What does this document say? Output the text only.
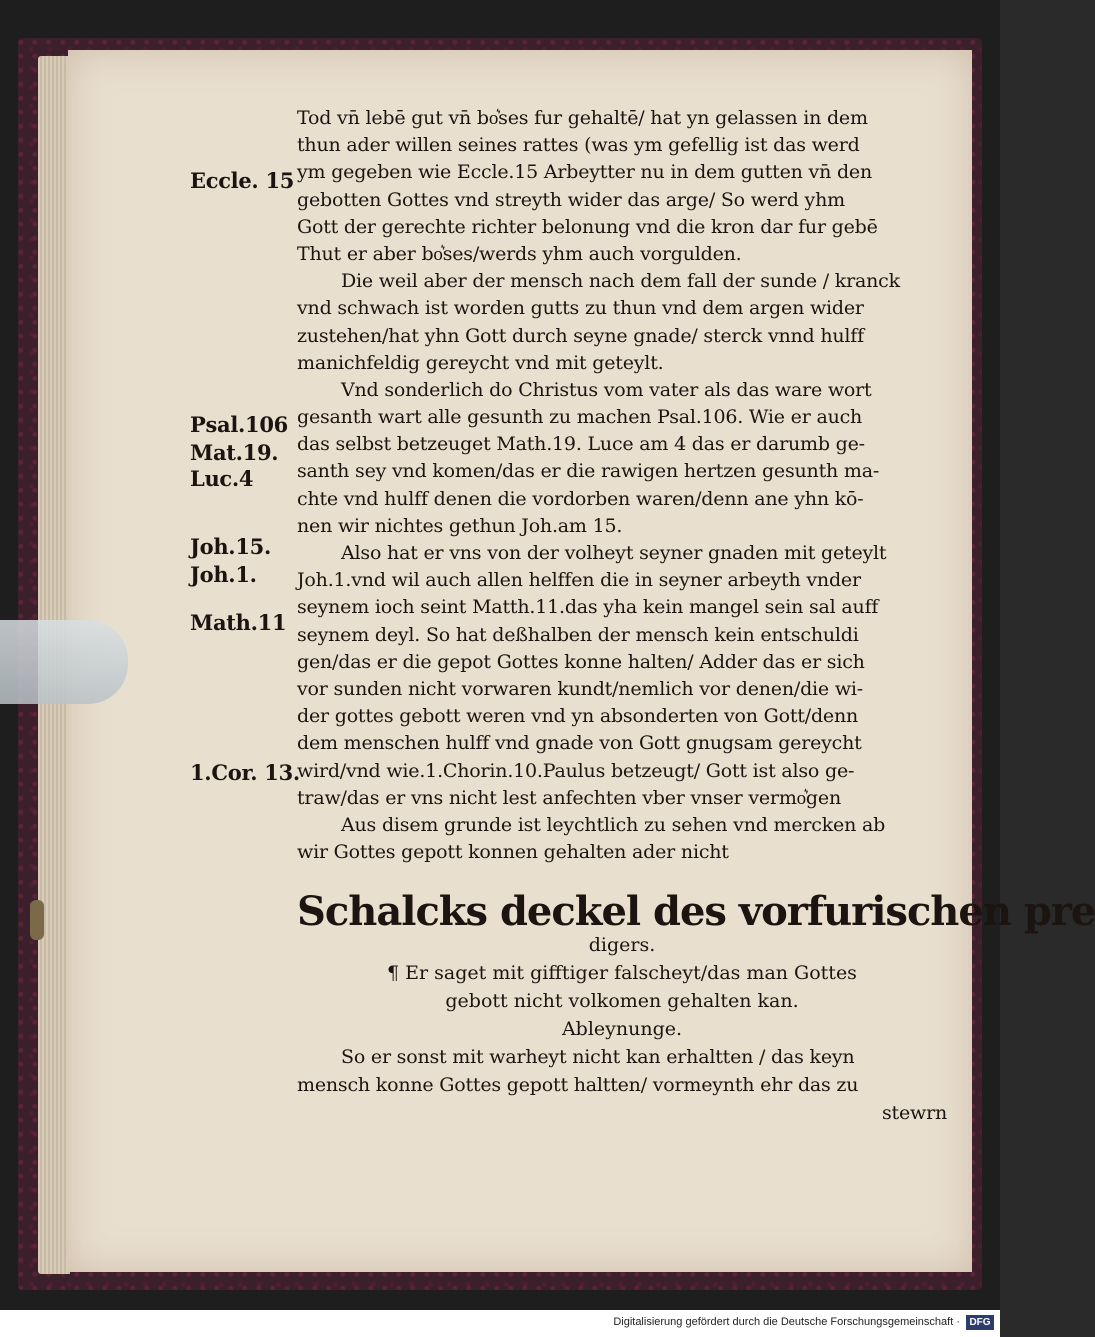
Eccle. 15
Psal.106
Mat.19.
Luc.4
Joh.15.
Joh.1.
Math.11
1.Cor. 13.
Tod vn̄ lebē gut vn̄ bo͛ses fur gehaltē/ hat yn gelassen in dem
thun ader willen seines rattes (was ym gefellig ist das werd
ym gegeben wie Eccle.15 Arbeytter nu in dem gutten vn̄ den
gebotten Gottes vnd streyth wider das arge/ So werd yhm
Gott der gerechte richter belonung vnd die kron dar fur gebē
Thut er aber bo͛ses/werds yhm auch vorgulden.
Die weil aber der mensch nach dem fall der sunde / kranck
vnd schwach ist worden gutts zu thun vnd dem argen wider
zustehen/hat yhn Gott durch seyne gnade/ sterck vnnd hulff
manichfeldig gereycht vnd mit geteylt.
Vnd sonderlich do Christus vom vater als das ware wort
gesanth wart alle gesunth zu machen Psal.106. Wie er auch
das selbst betzeuget Math.19. Luce am 4 das er darumb ge-
santh sey vnd komen/das er die rawigen hertzen gesunth ma-
chte vnd hulff denen die vordorben waren/denn ane yhn kō-
nen wir nichtes gethun Joh.am 15.
Also hat er vns von der volheyt seyner gnaden mit geteylt
Joh.1.vnd wil auch allen helffen die in seyner arbeyth vnder
seynem ioch seint Matth.11.das yha kein mangel sein sal auff
seynem deyl. So hat deßhalben der mensch kein entschuldi
gen/das er die gepot Gottes konne halten/ Adder das er sich
vor sunden nicht vorwaren kundt/nemlich vor denen/die wi-
der gottes gebott weren vnd yn absonderten von Gott/denn
dem menschen hulff vnd gnade von Gott gnugsam gereycht
wird/vnd wie.1.Chorin.10.Paulus betzeugt/ Gott ist also ge-
traw/das er vns nicht lest anfechten vber vnser vermo͛gen
Aus disem grunde ist leychtlich zu sehen vnd mercken ab
wir Gottes gepott konnen gehalten ader nicht
Schalcks deckel des vorfurischen pre
digers.
¶ Er saget mit gifftiger falscheyt/das man Gottes
gebott nicht volkomen gehalten kan.
Ableynunge.
So er sonst mit warheyt nicht kan erhaltten / das keyn
mensch konne Gottes gepott haltten/ vormeynth ehr das zu
stewrn
Digitalisierung gefördert durch die Deutsche Forschungsgemeinschaft · DFG
